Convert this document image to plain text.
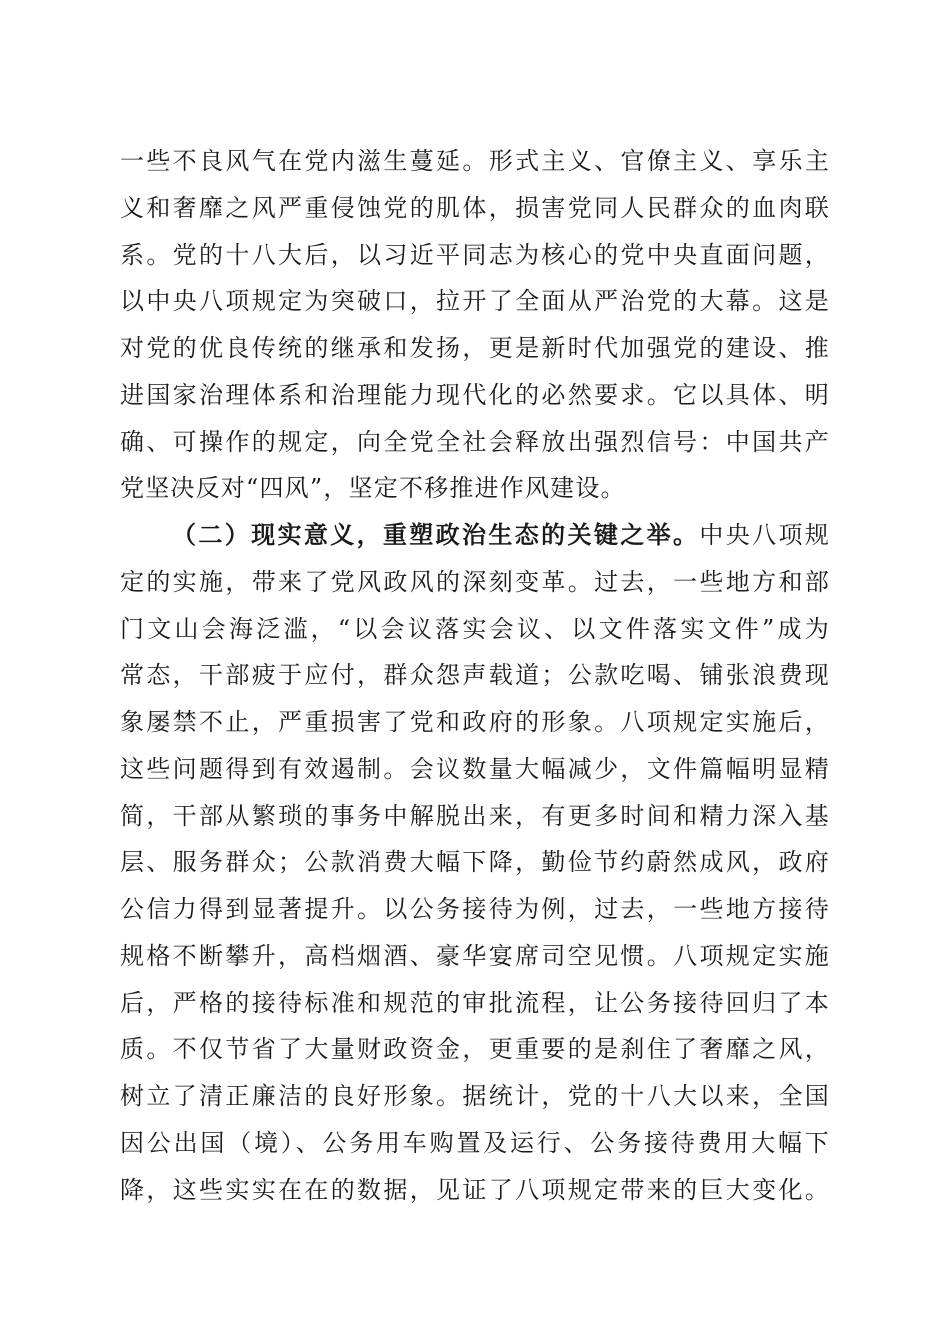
一些不良风气在党内滋生蔓延。形式主义、官僚主义、享乐主
义和奢靡之风严重侵蚀党的肌体，损害党同人民群众的血肉联
系。党的十八大后，以习近平同志为核心的党中央直面问题，
以中央八项规定为突破口，拉开了全面从严治党的大幕。这是
对党的优良传统的继承和发扬，更是新时代加强党的建设、推
进国家治理体系和治理能力现代化的必然要求。它以具体、明
确、可操作的规定，向全党全社会释放出强烈信号：中国共产
党坚决反对“四风”，坚定不移推进作风建设。
（二）现实意义，重塑政治生态的关键之举。中央八项规
定的实施，带来了党风政风的深刻变革。过去，一些地方和部
门文山会海泛滥，“以会议落实会议、以文件落实文件”成为
常态，干部疲于应付，群众怨声载道；公款吃喝、铺张浪费现
象屡禁不止，严重损害了党和政府的形象。八项规定实施后，
这些问题得到有效遏制。会议数量大幅减少，文件篇幅明显精
简，干部从繁琐的事务中解脱出来，有更多时间和精力深入基
层、服务群众；公款消费大幅下降，勤俭节约蔚然成风，政府
公信力得到显著提升。以公务接待为例，过去，一些地方接待
规格不断攀升，高档烟酒、豪华宴席司空见惯。八项规定实施
后，严格的接待标准和规范的审批流程，让公务接待回归了本
质。不仅节省了大量财政资金，更重要的是刹住了奢靡之风，
树立了清正廉洁的良好形象。据统计，党的十八大以来，全国
因公出国（境）、公务用车购置及运行、公务接待费用大幅下
降，这些实实在在的数据，见证了八项规定带来的巨大变化。
